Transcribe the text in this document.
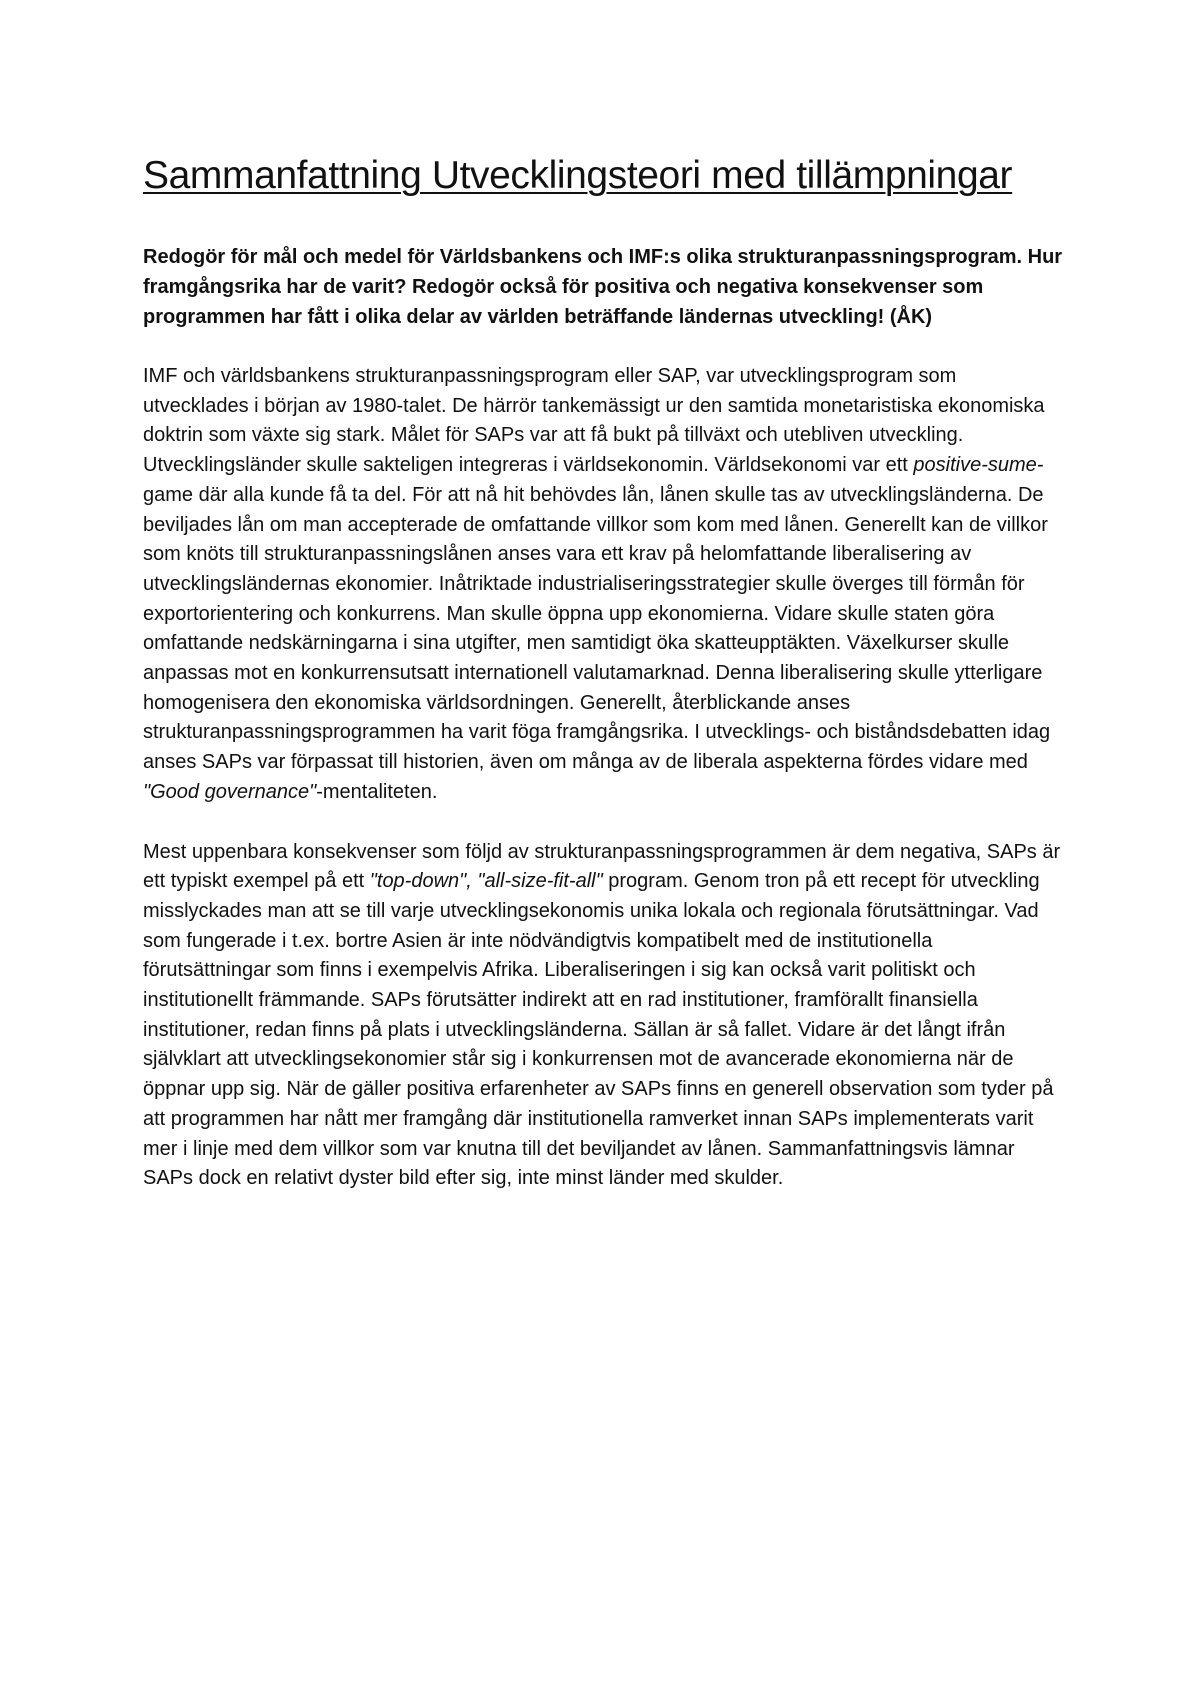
Sammanfattning Utvecklingsteori med tillämpningar

Redogör för mål och medel för Världsbankens och IMF:s olika strukturanpassningsprogram. Hur framgångsrika har de varit? Redogör också för positiva och negativa konsekvenser som programmen har fått i olika delar av världen beträffande ländernas utveckling! (ÅK)

IMF och världsbankens strukturanpassningsprogram eller SAP, var utvecklingsprogram som utvecklades i början av 1980-talet. De härrör tankemässigt ur den samtida monetaristiska ekonomiska doktrin som växte sig stark. Målet för SAPs var att få bukt på tillväxt och utebliven utveckling. Utvecklingsländer skulle sakteligen integreras i världsekonomin. Världsekonomi var ett positive-sume-game där alla kunde få ta del. För att nå hit behövdes lån, lånen skulle tas av utvecklingsländerna. De beviljades lån om man accepterade de omfattande villkor som kom med lånen. Generellt kan de villkor som knöts till strukturanpassningslånen anses vara ett krav på helomfattande liberalisering av utvecklingsländernas ekonomier. Inåtriktade industrialiseringsstrategier skulle överges till förmån för exportorientering och konkurrens. Man skulle öppna upp ekonomierna. Vidare skulle staten göra omfattande nedskärningarna i sina utgifter, men samtidigt öka skatteupptäkten. Växelkurser skulle anpassas mot en konkurrensutsatt internationell valutamarknad. Denna liberalisering skulle ytterligare homogenisera den ekonomiska världsordningen. Generellt, återblickande anses strukturanpassningsprogrammen ha varit föga framgångsrika. I utvecklings- och biståndsdebatten idag anses SAPs var förpassat till historien, även om många av de liberala aspekterna fördes vidare med "Good governance"-mentaliteten.

Mest uppenbara konsekvenser som följd av strukturanpassningsprogrammen är dem negativa, SAPs är ett typiskt exempel på ett "top-down", "all-size-fit-all" program. Genom tron på ett recept för utveckling misslyckades man att se till varje utvecklingsekonomis unika lokala och regionala förutsättningar. Vad som fungerade i t.ex. bortre Asien är inte nödvändigtvis kompatibelt med de institutionella förutsättningar som finns i exempelvis Afrika. Liberaliseringen i sig kan också varit politiskt och institutionellt främmande. SAPs förutsätter indirekt att en rad institutioner, framförallt finansiella institutioner, redan finns på plats i utvecklingsländerna. Sällan är så fallet. Vidare är det långt ifrån självklart att utvecklingsekonomier står sig i konkurrensen mot de avancerade ekonomierna när de öppnar upp sig. När de gäller positiva erfarenheter av SAPs finns en generell observation som tyder på att programmen har nått mer framgång där institutionella ramverket innan SAPs implementerats varit mer i linje med dem villkor som var knutna till det beviljandet av lånen. Sammanfattningsvis lämnar SAPs dock en relativt dyster bild efter sig, inte minst länder med skulder.
